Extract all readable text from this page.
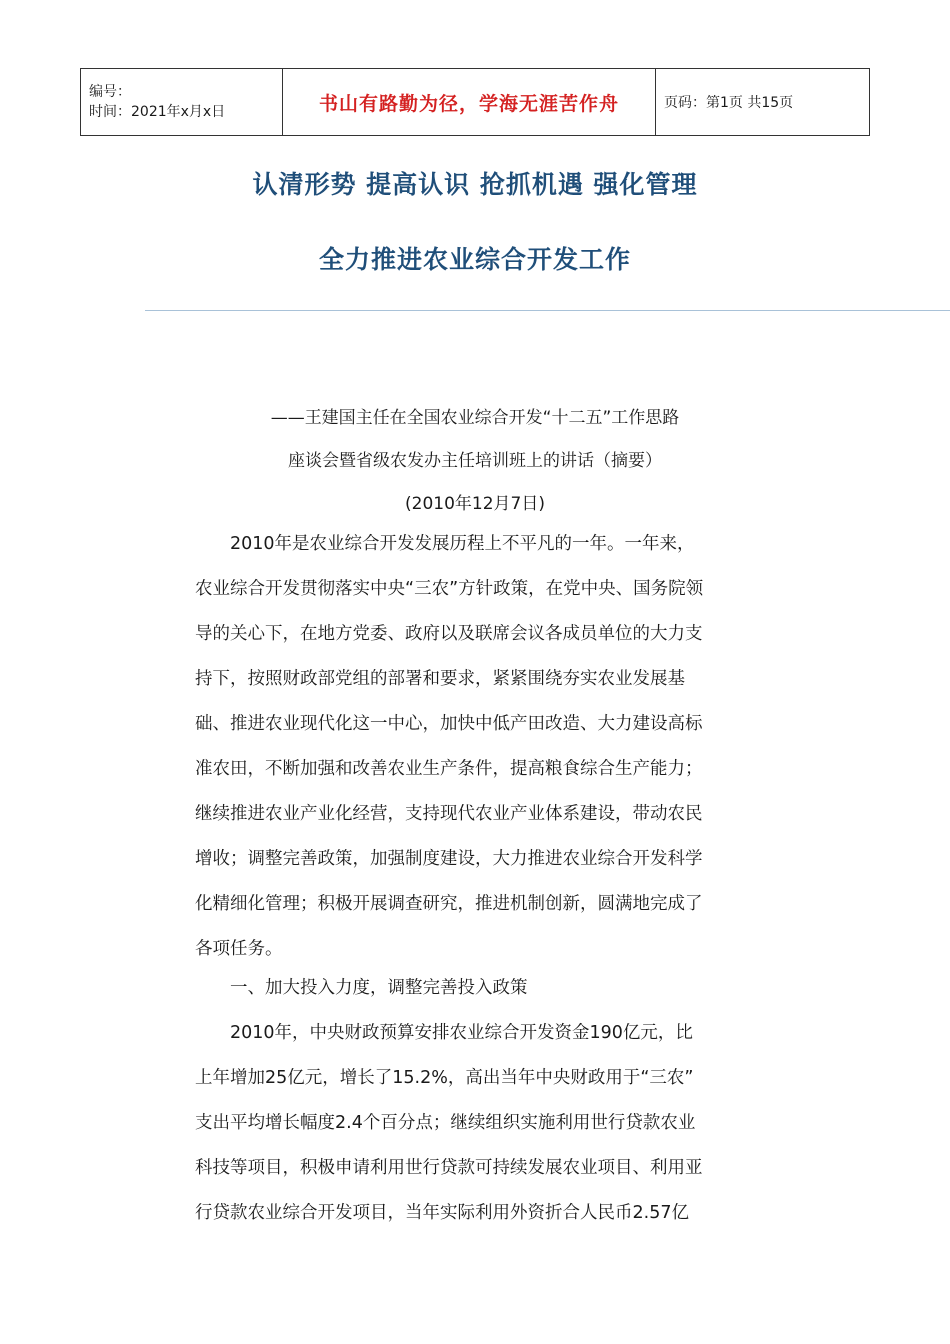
编号：
时间：2021年x月x日	书山有路勤为径，学海无涯苦作舟	页码：第1页 共15页
认清形势 提高认识 抢抓机遇 强化管理
全力推进农业综合开发工作
——王建国主任在全国农业综合开发“十二五”工作思路
座谈会暨省级农发办主任培训班上的讲话（摘要）
(2010年12月7日)
　　2010年是农业综合开发发展历程上不平凡的一年。一年来，
农业综合开发贯彻落实中央“三农”方针政策，在党中央、国务院领
导的关心下，在地方党委、政府以及联席会议各成员单位的大力支
持下，按照财政部党组的部署和要求，紧紧围绕夯实农业发展基
础、推进农业现代化这一中心，加快中低产田改造、大力建设高标
准农田，不断加强和改善农业生产条件，提高粮食综合生产能力；
继续推进农业产业化经营，支持现代农业产业体系建设，带动农民
增收；调整完善政策，加强制度建设，大力推进农业综合开发科学
化精细化管理；积极开展调查研究，推进机制创新，圆满地完成了
各项任务。
　　一、加大投入力度，调整完善投入政策
　　2010年，中央财政预算安排农业综合开发资金190亿元，比
上年增加25亿元，增长了15.2%，高出当年中央财政用于“三农”
支出平均增长幅度2.4个百分点；继续组织实施利用世行贷款农业
科技等项目，积极申请利用世行贷款可持续发展农业项目、利用亚
行贷款农业综合开发项目，当年实际利用外资折合人民币2.57亿
